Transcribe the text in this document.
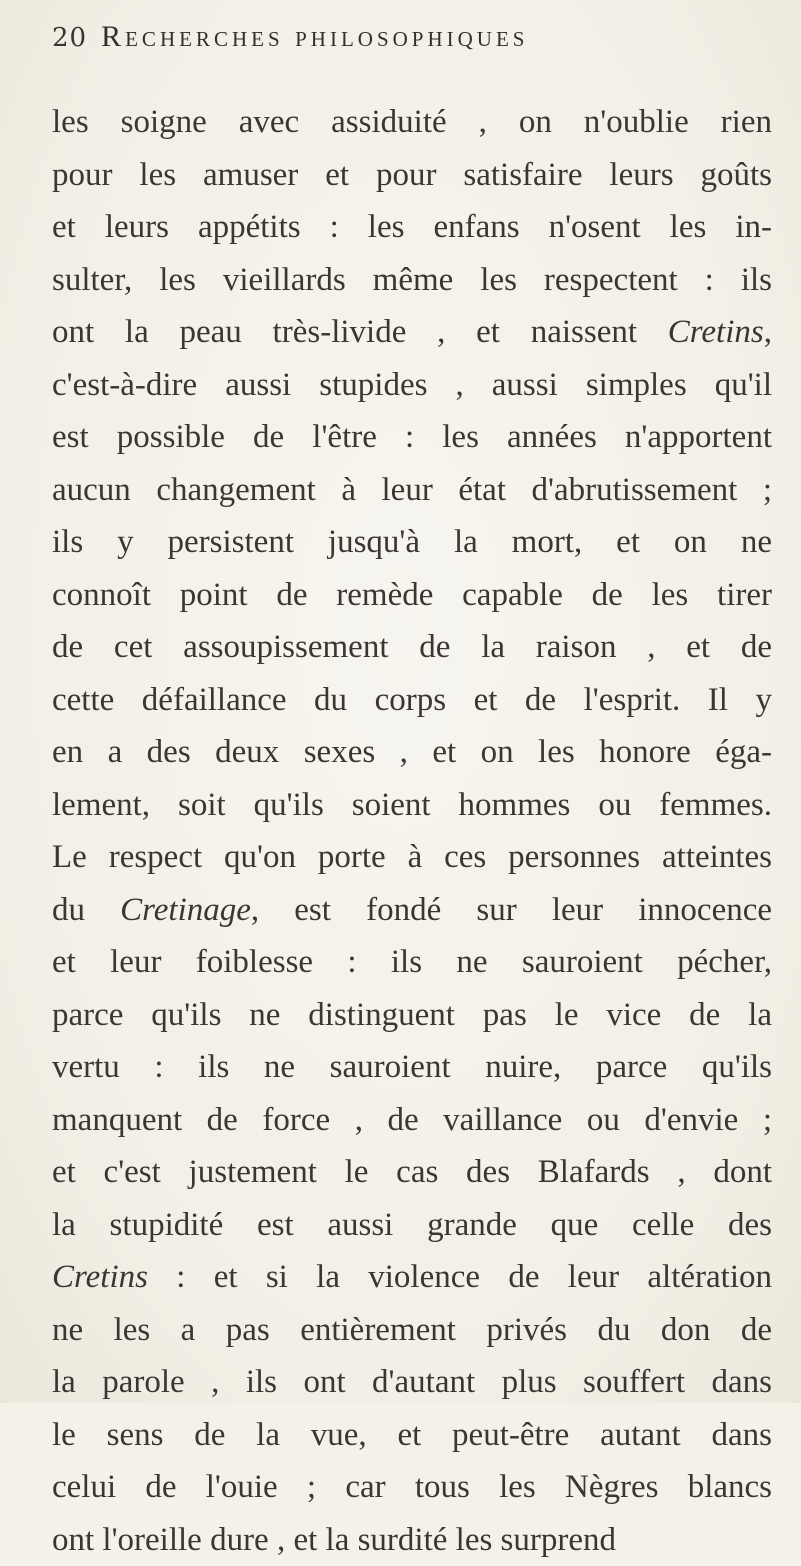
20 Recherches philosophiques
les soigne avec assiduité , on n'oublie rien
pour les amuser et pour satisfaire leurs goûts
et leurs appétits : les enfans n'osent les in-
sulter, les vieillards même les respectent : ils
ont la peau très-livide , et naissent Cretins,
c'est-à-dire aussi stupides , aussi simples qu'il
est possible de l'être : les années n'apportent
aucun changement à leur état d'abrutissement ;
ils y persistent jusqu'à la mort, et on ne
connoît point de remède capable de les tirer
de cet assoupissement de la raison , et de
cette défaillance du corps et de l'esprit. Il y
en a des deux sexes , et on les honore éga-
lement, soit qu'ils soient hommes ou femmes.
Le respect qu'on porte à ces personnes atteintes
du Cretinage, est fondé sur leur innocence
et leur foiblesse : ils ne sauroient pécher,
parce qu'ils ne distinguent pas le vice de la
vertu : ils ne sauroient nuire, parce qu'ils
manquent de force , de vaillance ou d'envie ;
et c'est justement le cas des Blafards , dont
la stupidité est aussi grande que celle des
Cretins : et si la violence de leur altération
ne les a pas entièrement privés du don de
la parole , ils ont d'autant plus souffert dans
le sens de la vue, et peut-être autant dans
celui de l'ouie ; car tous les Nègres blancs
ont l'oreille dure , et la surdité les surprend
